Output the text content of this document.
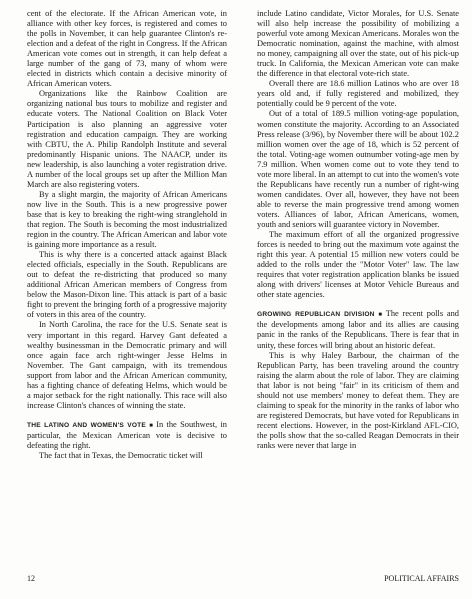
cent of the electorate. If the African American vote, in alliance with other key forces, is registered and comes to the polls in November, it can help guarantee Clinton's re-election and a defeat of the right in Congress. If the African American vote comes out in strength, it can help defeat a large number of the gang of 73, many of whom were elected in districts which contain a decisive minority of African American voters.

Organizations like the Rainbow Coalition are organizing national bus tours to mobilize and register and educate voters. The National Coalition on Black Voter Participation is also planning an aggressive voter registration and education campaign. They are working with CBTU, the A. Philip Randolph Institute and several predominantly Hispanic unions. The NAACP, under its new leadership, is also launching a voter registration drive. A number of the local groups set up after the Million Man March are also registering voters.

By a slight margin, the majority of African Americans now live in the South. This is a new progressive power base that is key to breaking the right-wing stranglehold in that region. The South is becoming the most industrialized region in the country. The African American and labor vote is gaining more importance as a result.

This is why there is a concerted attack against Black elected officials, especially in the South. Republicans are out to defeat the re-districting that produced so many additional African American members of Congress from below the Mason-Dixon line. This attack is part of a basic fight to prevent the bringing forth of a progressive majority of voters in this area of the country.

In North Carolina, the race for the U.S. Senate seat is very important in this regard. Harvey Gant defeated a wealthy businessman in the Democratic primary and will once again face arch right-winger Jesse Helms in November. The Gant campaign, with its tremendous support from labor and the African American community, has a fighting chance of defeating Helms, which would be a major setback for the right nationally. This race will also increase Clinton's chances of winning the state.

THE LATINO AND WOMEN'S VOTE ■ In the Southwest, in particular, the Mexican American vote is decisive to defeating the right.

The fact that in Texas, the Democratic ticket will

include Latino candidate, Victor Morales, for U.S. Senate will also help increase the possibility of mobilizing a powerful vote among Mexican Americans. Morales won the Democratic nomination, against the machine, with almost no money, campaigning all over the state, out of his pick-up truck. In California, the Mexican American vote can make the difference in that electoral vote-rich state.

Overall there are 18.6 million Latinos who are over 18 years old and, if fully registered and mobilized, they potentially could be 9 percent of the vote.

Out of a total of 189.5 million voting-age population, women constitute the majority. According to an Associated Press release (3/96), by November there will be about 102.2 million women over the age of 18, which is 52 percent of the total. Voting-age women outnumber voting-age men by 7.9 million. When women come out to vote they tend to vote more liberal. In an attempt to cut into the women's vote the Republicans have recently run a number of right-wing women candidates. Over all, however, they have not been able to reverse the main progressive trend among women voters. Alliances of labor, African Americans, women, youth and seniors will guarantee victory in November.

The maximum effort of all the organized progressive forces is needed to bring out the maximum vote against the right this year. A potential 15 million new voters could be added to the rolls under the "Motor Voter" law. The law requires that voter registration application blanks be issued along with drivers' licenses at Motor Vehicle Bureaus and other state agencies.

GROWING REPUBLICAN DIVISION ■ The recent polls and the developments among labor and its allies are causing panic in the ranks of the Republicans. There is fear that in unity, these forces will bring about an historic defeat.

This is why Haley Barbour, the chairman of the Republican Party, has been traveling around the country raising the alarm about the role of labor. They are claiming that labor is not being "fair" in its criticism of them and should not use members' money to defeat them. They are claiming to speak for the minority in the ranks of labor who are registered Democrats, but have voted for Republicans in recent elections. However, in the post-Kirkland AFL-CIO, the polls show that the so-called Reagan Democrats in their ranks were never that large in

12	POLITICAL AFFAIRS
